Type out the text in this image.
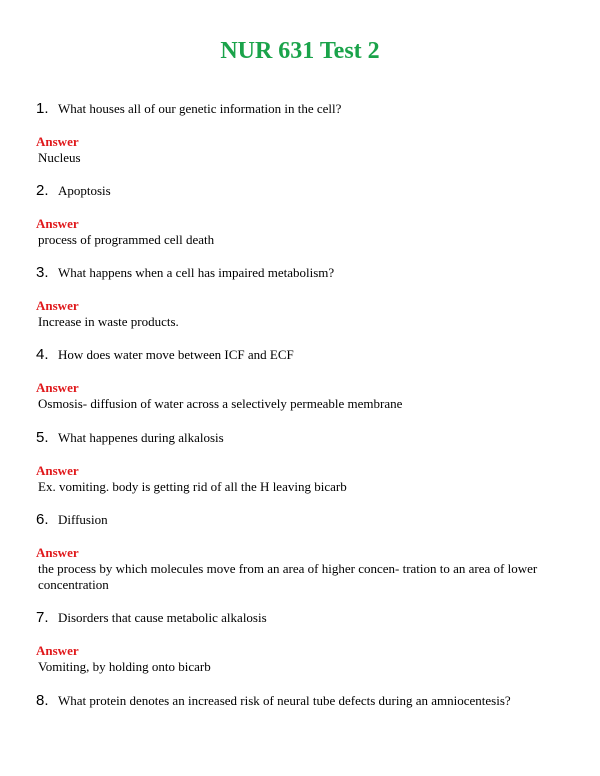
NUR 631 Test 2
1. What houses all of our genetic information in the cell?
Answer
Nucleus
2. Apoptosis
Answer
process of programmed cell death
3. What happens when a cell has impaired metabolism?
Answer
Increase in waste products.
4. How does water move between ICF and ECF
Answer
Osmosis- diffusion of water across a selectively permeable membrane
5. What happenes during alkalosis
Answer
Ex. vomiting. body is getting rid of all the H leaving bicarb
6. Diffusion
Answer
the process by which molecules move from an area of higher concen- tration to an area of lower concentration
7. Disorders that cause metabolic alkalosis
Answer
Vomiting, by holding onto bicarb
8. What protein denotes an increased risk of neural tube defects during an amniocentesis?
